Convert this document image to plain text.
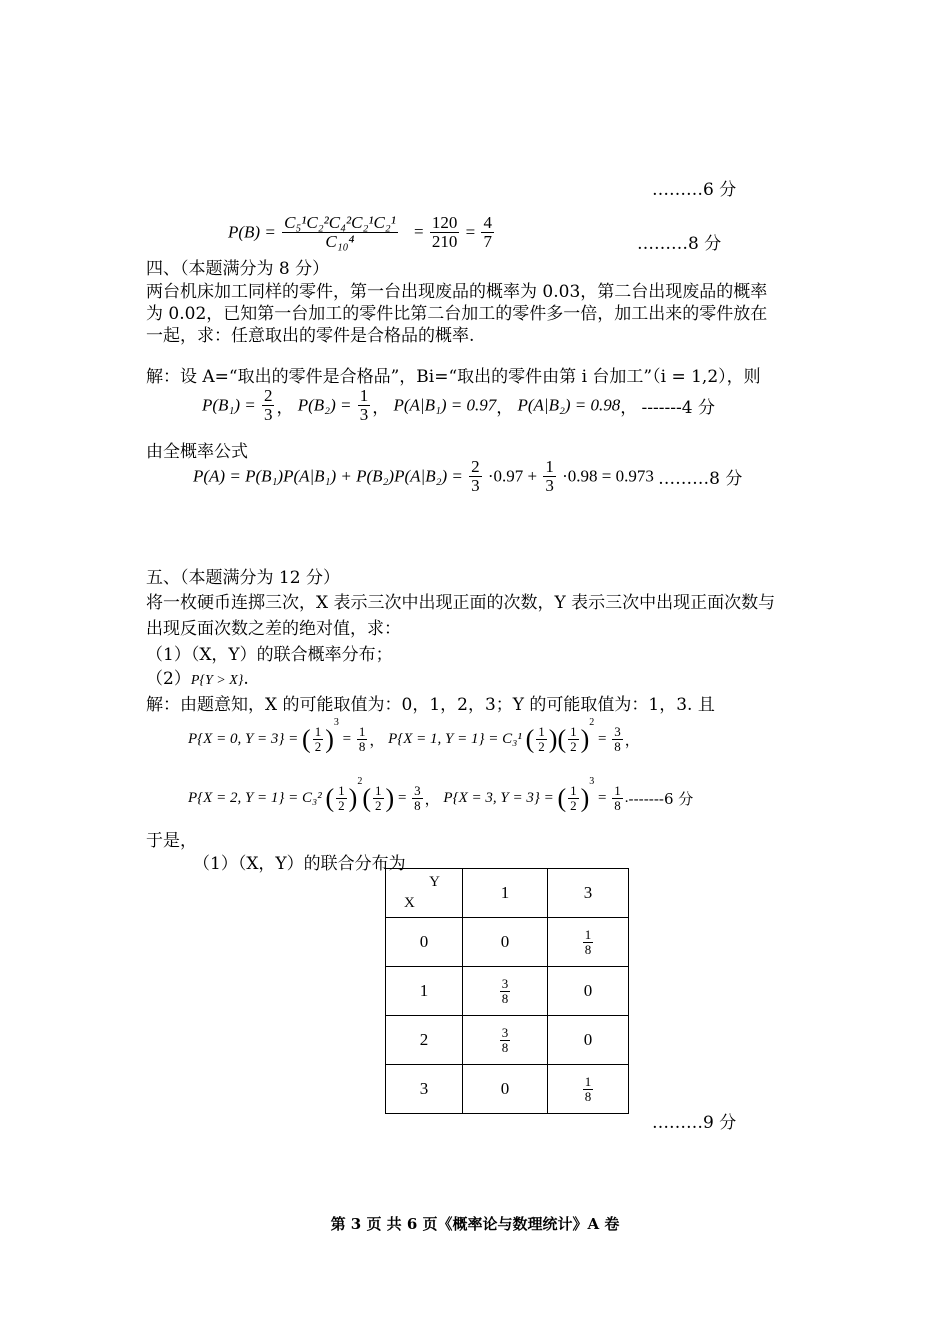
………6 分
$P(B) = \frac{\text{C₅¹C₂²C₄²C₂¹C₂¹}}{\text{C₁₀⁴}} = \frac{120}{210} = \frac{4}{7}$	………8 分
四、（本题满分为 8 分）
两台机床加工同样的零件，第一台出现废品的概率为 0.03，第二台出现废品的概率
为 0.02，已知第一台加工的零件比第二台加工的零件多一倍，加工出来的零件放在
一起，求：任意取出的零件是合格品的概率.
解：设 A=“取出的零件是合格品”，Bi=“取出的零件由第 i 台加工”（i = 1,2），则
$P(B_1) = \frac{2}{3}$ ， $P(B_2) = \frac{1}{3}$ ， P(A|B₁) = 0.97， P(A|B₂) = 0.98， -------4 分
由全概率公式
$P(A) = P(B_1)P(A|B_1) + P(B_2)P(A|B_2) = \frac{2}{3} \cdot 0.97 + \frac{1}{3} \cdot 0.98 = 0.973$ ………8 分
五、（本题满分为 12 分）
将一枚硬币连掷三次，X 表示三次中出现正面的次数，Y 表示三次中出现正面次数与
出现反面次数之差的绝对值，求：
（1）（X，Y）的联合概率分布；
（2）P{Y > X}.
解：由题意知，X 的可能取值为：0，1，2，3；Y 的可能取值为：1，3. 且
P{X = 0, Y = 3} = ( $\frac{1}{2} )^3 = \frac{1}{8}$ ， P{X = 1, Y = 1} = C₃¹ ( $\frac{1}{2}$ )( $\frac{1}{2} )^2 = \frac{3}{8}$ ，
P{X = 2, Y = 1} = C₃² ( $\frac{1}{2} )^2( \frac{1}{2}$ ) = $\frac{3}{8}$ ， P{X = 3, Y = 3} = ( $\frac{1}{2} )^3 = \frac{1}{8} .-------6$ 分
于是，
（1）（X，Y）的联合分布为
Y
X	1	3
0	0	$\frac{1}{8}$

1	$\frac{3}{8}$	0
2	$\frac{3}{8}$	0
3	0	$\frac{1}{8}$
………9 分
第 3 页 共 6 页《概率论与数理统计》A 卷
